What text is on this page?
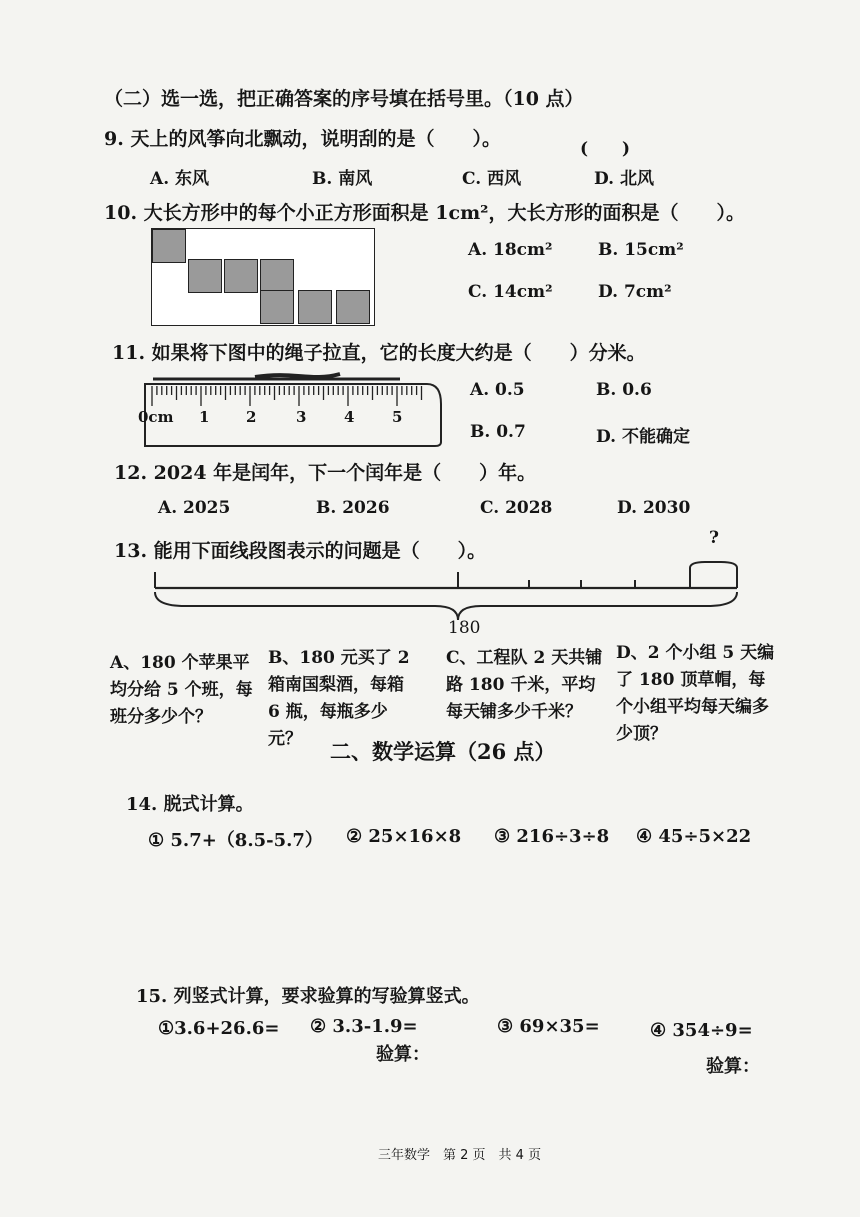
（二）选一选，把正确答案的序号填在括号里。（10 点）
9. 天上的风筝向北飘动，说明刮的是（　　）。	(　　)
A. 东风	B. 南风	C. 西风	D. 北风
10. 大长方形中的每个小正方形面积是 1cm²，大长方形的面积是（　　）。
A. 18cm²	B. 15cm²
C. 14cm²	D. 7cm²
11. 如果将下图中的绳子拉直，它的长度大约是（　　）分米。
0cm 1 2	3	4	5
A. 0.5	B. 0.6
B. 0.7	D. 不能确定
12. 2024 年是闰年，下一个闰年是（　　）年。
A. 2025	B. 2026	C. 2028	D. 2030
13. 能用下面线段图表示的问题是（　　）。
?
180
A、180 个苹果平均分给 5 个班，每班分多少个？
B、180 元买了 2 箱南国梨酒，每箱 6 瓶，每瓶多少元？
C、工程队 2 天共铺路 180 千米，平均每天铺多少千米？
D、2 个小组 5 天编了 180 顶草帽，每个小组平均每天编多少顶？
二、数学运算（26 点）
14. 脱式计算。
① 5.7+（8.5-5.7） ② 25×16×8 ③ 216÷3÷8 ④ 45÷5×22
15. 列竖式计算，要求验算的写验算竖式。
①3.6+26.6= ② 3.3-1.9=
验算：
③ 69×35=	④ 354÷9=
验算：
三年数学　第 2 页　共 4 页
